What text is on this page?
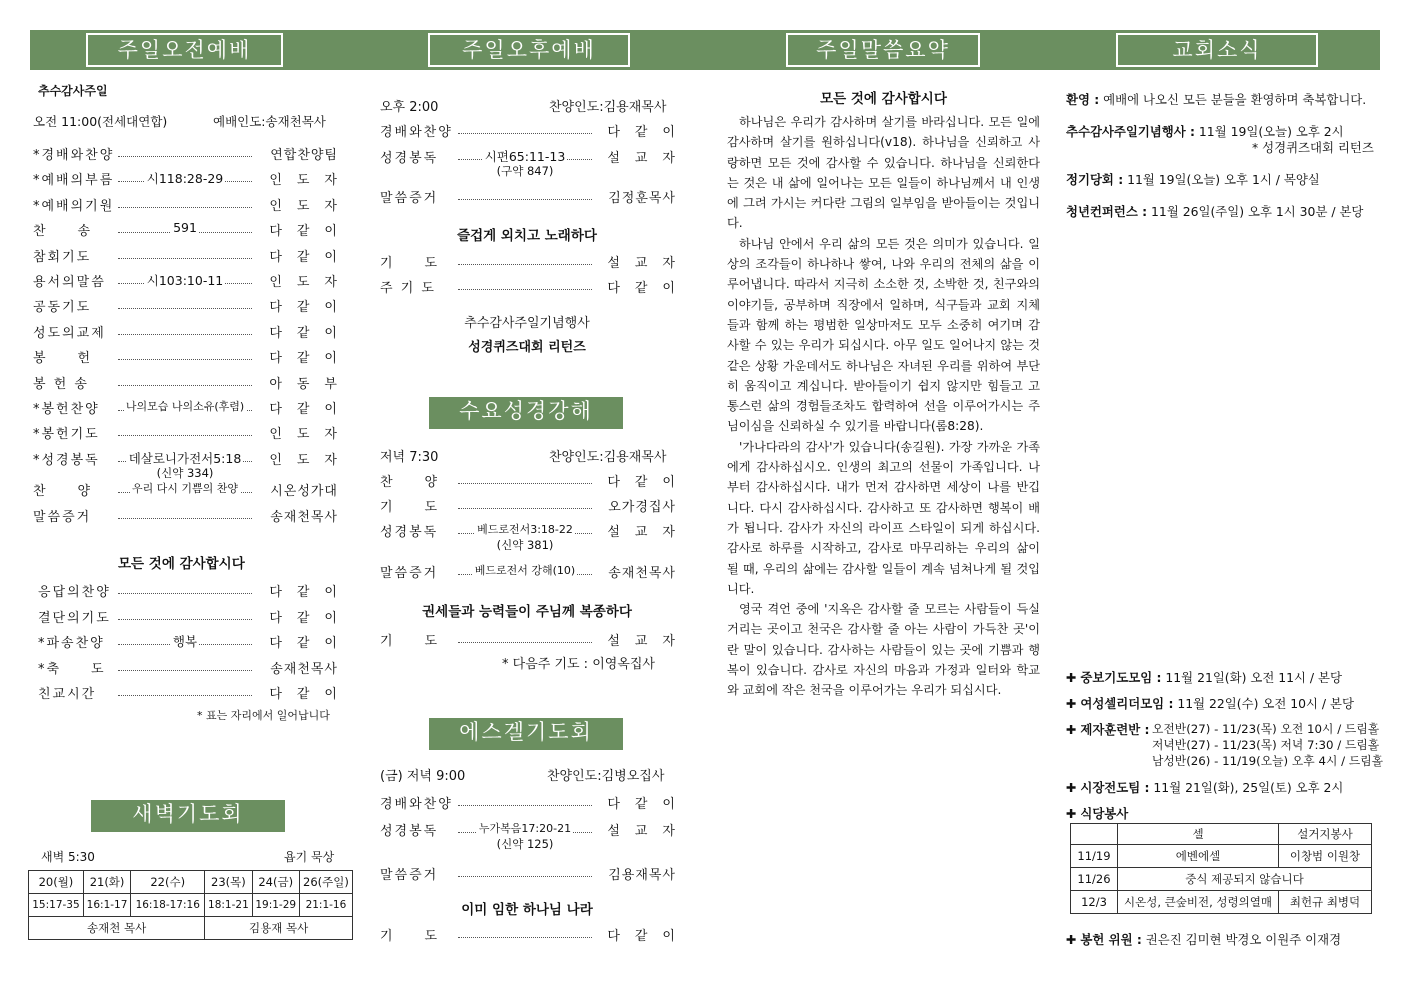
주일오전예배	주일오후예배	주일말씀요약	교회소식
추수감사주일
오전 11:00(전세대연합)	예배인도:송재천목사
*경배와찬양	연합찬양팀
*예배의부름	시118:28-29	인　도　자
*예배의기원	인　도　자
찬　　송	591	다　같　이
참회기도	다　같　이
용서의말씀	시103:10-11	인　도　자
공동기도	다　같　이
성도의교제	다　같　이
봉　　헌	다　같　이
봉 헌 송	아　동　부
*봉헌찬양	나의모습 나의소유(후렴)	다　같　이
*봉헌기도	인　도　자
*성경봉독	데살로니가전서5:18	인　도　자
(신약 334)
찬　　양	우리 다시 기쁨의 찬양	시온성가대
말씀증거	송재천목사
모든 것에 감사합시다
응답의찬양	다　같　이
결단의기도	다　같　이
*파송찬양	행복	다　같　이
*축　　도	송재천목사
친교시간	다　같　이
* 표는 자리에서 일어납니다
새벽기도회
새벽 5:30	욥기 묵상
20(월)	21(화)	22(수)	23(목)	24(금)	26(주일)
15:17-35	16:1-17	16:18-17:16	18:1-21	19:1-29	21:1-16
송재천 목사			김용재 목사		
오후 2:00	찬양인도:김용재목사
경배와찬양	다　같　이
성경봉독	시편65:11-13	설　교　자
(구약 847)
말씀증거	김정훈목사
즐겁게 외치고 노래하다
기　　도	설　교　자
주 기 도	다　같　이
추수감사주일기념행사
성경퀴즈대회 리턴즈
수요성경강해
저녁 7:30	찬양인도:김용재목사
찬　　양	다　같　이
기　　도	오가경집사
성경봉독	베드로전서3:18-22	설　교　자
(신약 381)
말씀증거	베드로전서 강해(10)	송재천목사
권세들과 능력들이 주님께 복종하다
기　　도	설　교　자
* 다음주 기도 : 이영옥집사
에스겔기도회
(금) 저녁 9:00	찬양인도:김병오집사
경배와찬양	다　같　이
성경봉독	누가복음17:20-21	설　교　자
(신약 125)
말씀증거	김용재목사
이미 임한 하나님 나라
기　　도	다　같　이
모든 것에 감사합시다

하나님은 우리가 감사하며 살기를 바라십니다. 모든 일에 감사하며 살기를 원하십니다(v18). 하나님을 신뢰하고 사랑하면 모든 것에 감사할 수 있습니다. 하나님을 신뢰한다는 것은 내 삶에 일어나는 모든 일들이 하나님께서 내 인생에 그려 가시는 커다란 그림의 일부임을 받아들이는 것입니다.

하나님 안에서 우리 삶의 모든 것은 의미가 있습니다. 일상의 조각들이 하나하나 쌓여, 나와 우리의 전체의 삶을 이루어냅니다. 따라서 지극히 소소한 것, 소박한 것, 친구와의 이야기들, 공부하며 직장에서 일하며, 식구들과 교회 지체들과 함께 하는 평범한 일상마저도 모두 소중히 여기며 감사할 수 있는 우리가 되십시다. 아무 일도 일어나지 않는 것 같은 상황 가운데서도 하나님은 자녀된 우리를 위하여 부단히 움직이고 계십니다. 받아들이기 쉽지 않지만 힘들고 고통스런 삶의 경험들조차도 합력하여 선을 이루어가시는 주님이심을 신뢰하실 수 있기를 바랍니다(롬8:28).

'가나다라의 감사'가 있습니다(송길원). 가장 가까운 가족에게 감사하십시오. 인생의 최고의 선물이 가족입니다. 나부터 감사하십시다. 내가 먼저 감사하면 세상이 나를 반깁니다. 다시 감사하십시다. 감사하고 또 감사하면 행복이 배가 됩니다. 감사가 자신의 라이프 스타일이 되게 하십시다. 감사로 하루를 시작하고, 감사로 마무리하는 우리의 삶이 될 때, 우리의 삶에는 감사할 일들이 계속 넘쳐나게 될 것입니다.

영국 격언 중에 '지옥은 감사할 줄 모르는 사람들이 득실거리는 곳이고 천국은 감사할 줄 아는 사람이 가득찬 곳'이란 말이 있습니다. 감사하는 사람들이 있는 곳에 기쁨과 행복이 있습니다. 감사로 자신의 마음과 가정과 일터와 학교와 교회에 작은 천국을 이루어가는 우리가 되십시다.

환영 : 예배에 나오신 모든 분들을 환영하며 축복합니다.
추수감사주일기념행사 : 11월 19일(오늘) 오후 2시
* 성경퀴즈대회 리턴즈
정기당회 : 11월 19일(오늘) 오후 1시 / 목양실
청년컨퍼런스 : 11월 26일(주일) 오후 1시 30분 / 본당
✚ 중보기도모임 : 11월 21일(화) 오전 11시 / 본당
✚ 여성셀리더모임 : 11월 22일(수) 오전 10시 / 본당
✚ 제자훈련반 : 오전반(27) - 11/23(목) 오전 10시 / 드림홀
저녁반(27) - 11/23(목) 저녁 7:30 / 드림홀
남성반(26) - 11/19(오늘) 오후 4시 / 드림홀
✚ 시장전도팀 : 11월 21일(화), 25일(토) 오후 2시
✚ 식당봉사
	셀	설거지봉사
11/19	에벤에셀	이창범 이원창
11/26	중식 제공되지 않습니다	
12/3	시온성, 큰숲비전, 성령의열매	최헌규 최병덕
✚ 봉헌 위원 : 권은진 김미현 박경오 이원주 이재경
